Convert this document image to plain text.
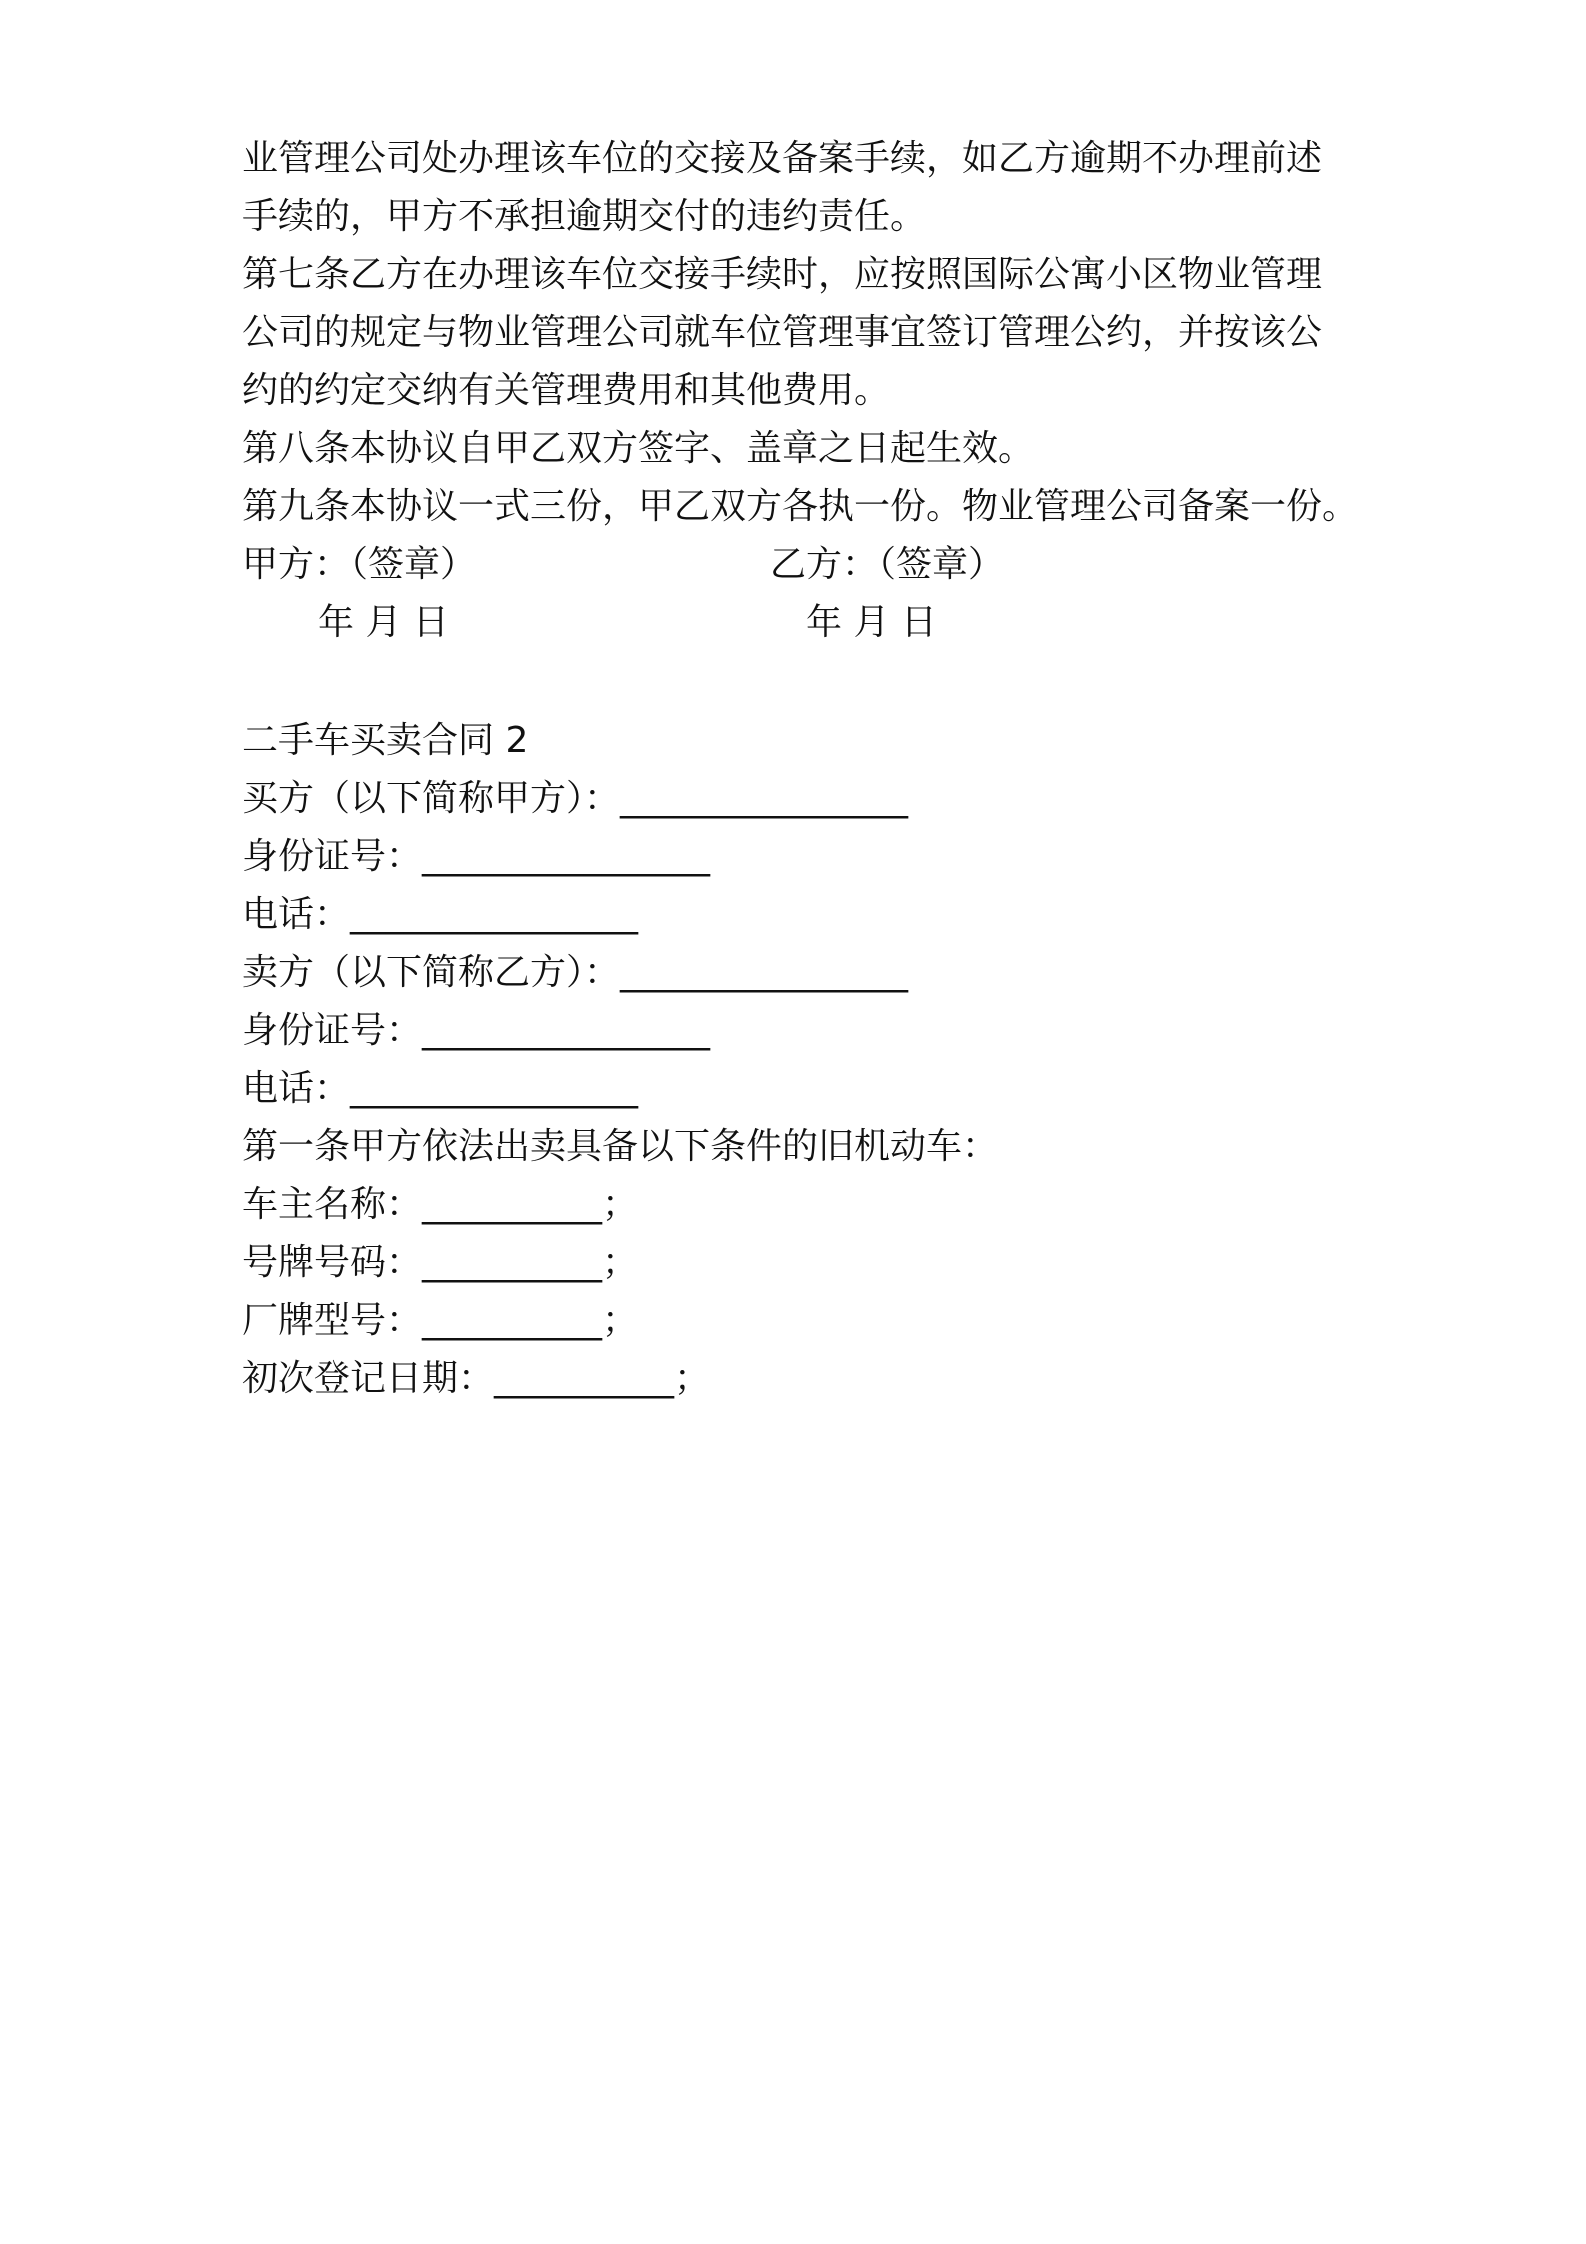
业管理公司处办理该车位的交接及备案手续，如乙方逾期不办理前述
手续的，甲方不承担逾期交付的违约责任。
第七条乙方在办理该车位交接手续时，应按照国际公寓小区物业管理
公司的规定与物业管理公司就车位管理事宜签订管理公约，并按该公
约的约定交纳有关管理费用和其他费用。
第八条本协议自甲乙双方签字、盖章之日起生效。
第九条本协议一式三份，甲乙双方各执一份。物业管理公司备案一份。
甲方：（签章）	乙方：（签章）
年 月 日	年 月 日
二手车买卖合同 2
买方（以下简称甲方）：________________
身份证号：________________
电话：________________
卖方（以下简称乙方）：________________
身份证号：________________
电话：________________
第一条甲方依法出卖具备以下条件的旧机动车：
车主名称：__________；
号牌号码：__________；
厂牌型号：__________；
初次登记日期：__________；
